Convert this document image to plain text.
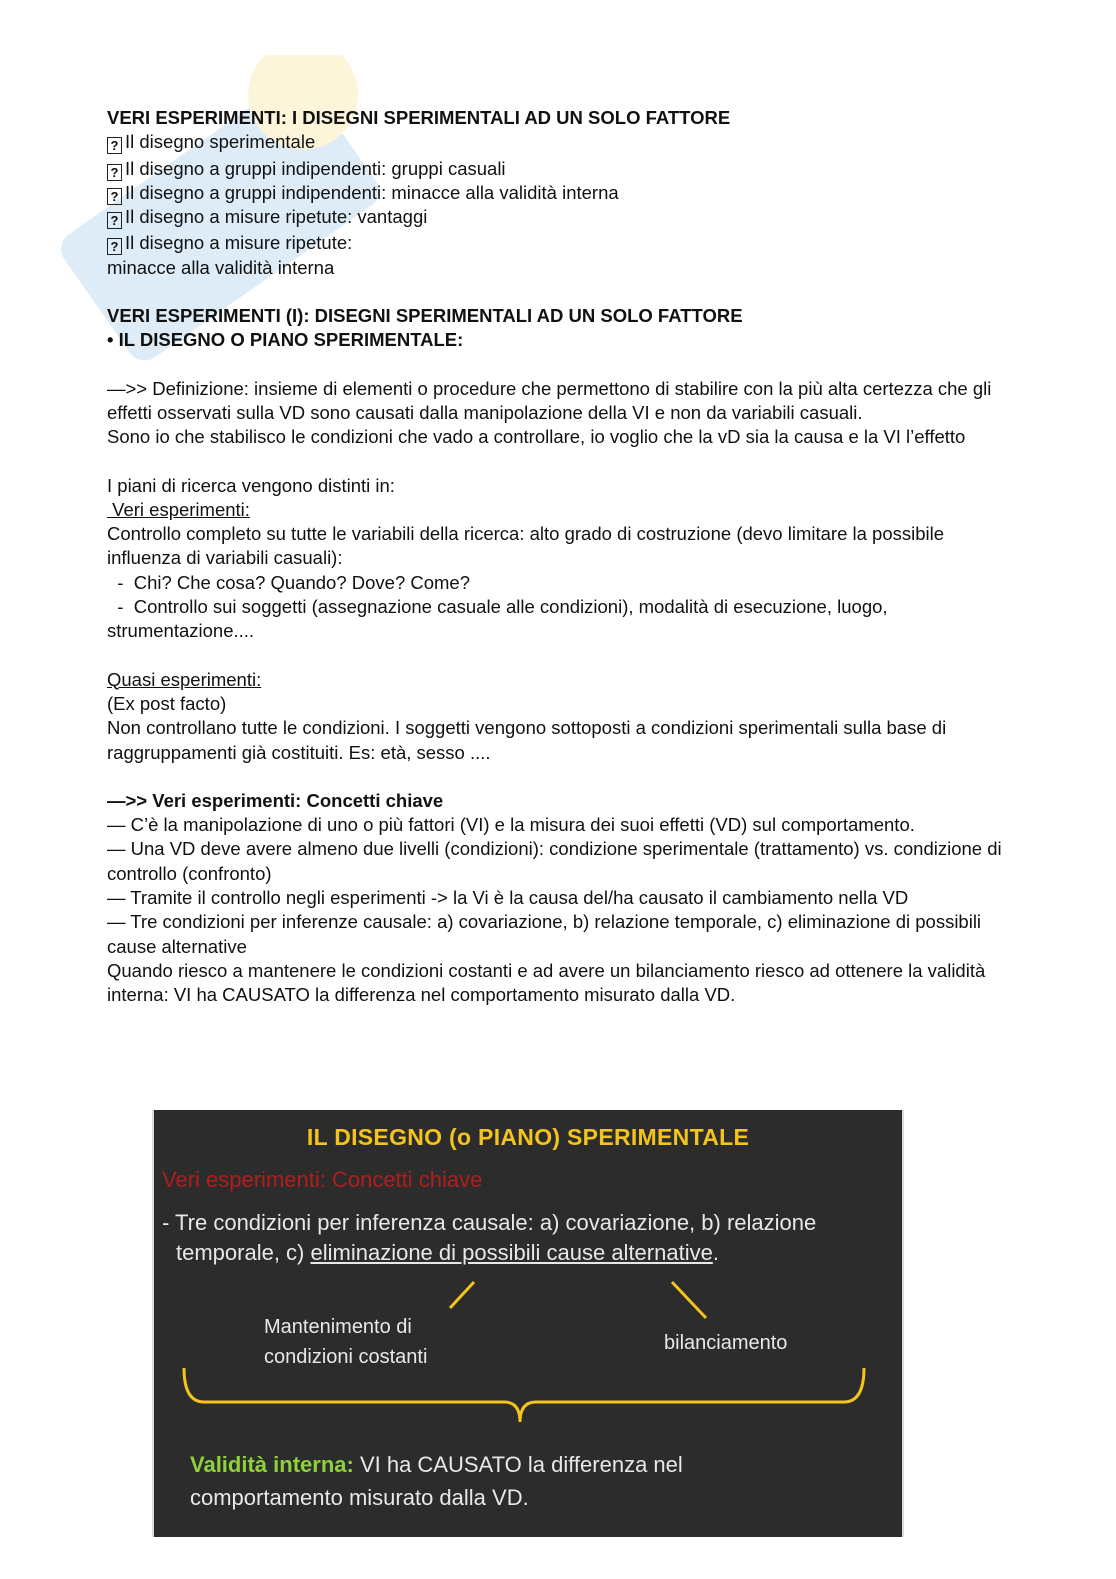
VERI ESPERIMENTI: I DISEGNI SPERIMENTALI AD UN SOLO FATTORE
? Il disegno sperimentale
? Il disegno a gruppi indipendenti: gruppi casuali
? Il disegno a gruppi indipendenti: minacce alla validità interna
? Il disegno a misure ripetute: vantaggi
? Il disegno a misure ripetute:
minacce alla validità interna
VERI ESPERIMENTI (I): DISEGNI SPERIMENTALI AD UN SOLO FATTORE
• IL DISEGNO O PIANO SPERIMENTALE:
—>> Definizione: insieme di elementi o procedure che permettono di stabilire con la più alta certezza che gli effetti osservati sulla VD sono causati dalla manipolazione della VI e non da variabili casuali.
Sono io che stabilisco le condizioni che vado a controllare, io voglio che la vD sia la causa e la VI l’effetto
I piani di ricerca vengono distinti in:
Veri esperimenti:
Controllo completo su tutte le variabili della ricerca: alto grado di costruzione (devo limitare la possibile influenza di variabili casuali):
-  Chi? Che cosa? Quando? Dove? Come?
-  Controllo sui soggetti (assegnazione casuale alle condizioni), modalità di esecuzione, luogo, strumentazione....
Quasi esperimenti:
(Ex post facto)
Non controllano tutte le condizioni. I soggetti vengono sottoposti a condizioni sperimentali sulla base di raggruppamenti già costituiti. Es: età, sesso ....
—>> Veri esperimenti: Concetti chiave
— C’è la manipolazione di uno o più fattori (VI) e la misura dei suoi effetti (VD) sul comportamento.
— Una VD deve avere almeno due livelli (condizioni): condizione sperimentale (trattamento) vs. condizione di controllo (confronto)
— Tramite il controllo negli esperimenti -> la Vi è la causa del/ha causato il cambiamento nella VD
— Tre condizioni per inferenze causale: a) covariazione, b) relazione temporale, c) eliminazione di possibili cause alternative
Quando riesco a mantenere le condizioni costanti e ad avere un bilanciamento riesco ad ottenere la validità interna: VI ha CAUSATO la differenza nel comportamento misurato dalla VD.
IL DISEGNO (o PIANO) SPERIMENTALE
Veri esperimenti: Concetti chiave
- Tre condizioni per inferenza causale: a) covariazione, b) relazione
temporale, c) eliminazione di possibili cause alternative.
Mantenimento di
condizioni costanti
bilanciamento
Validità interna: VI ha CAUSATO la differenza nel
comportamento misurato dalla VD.
